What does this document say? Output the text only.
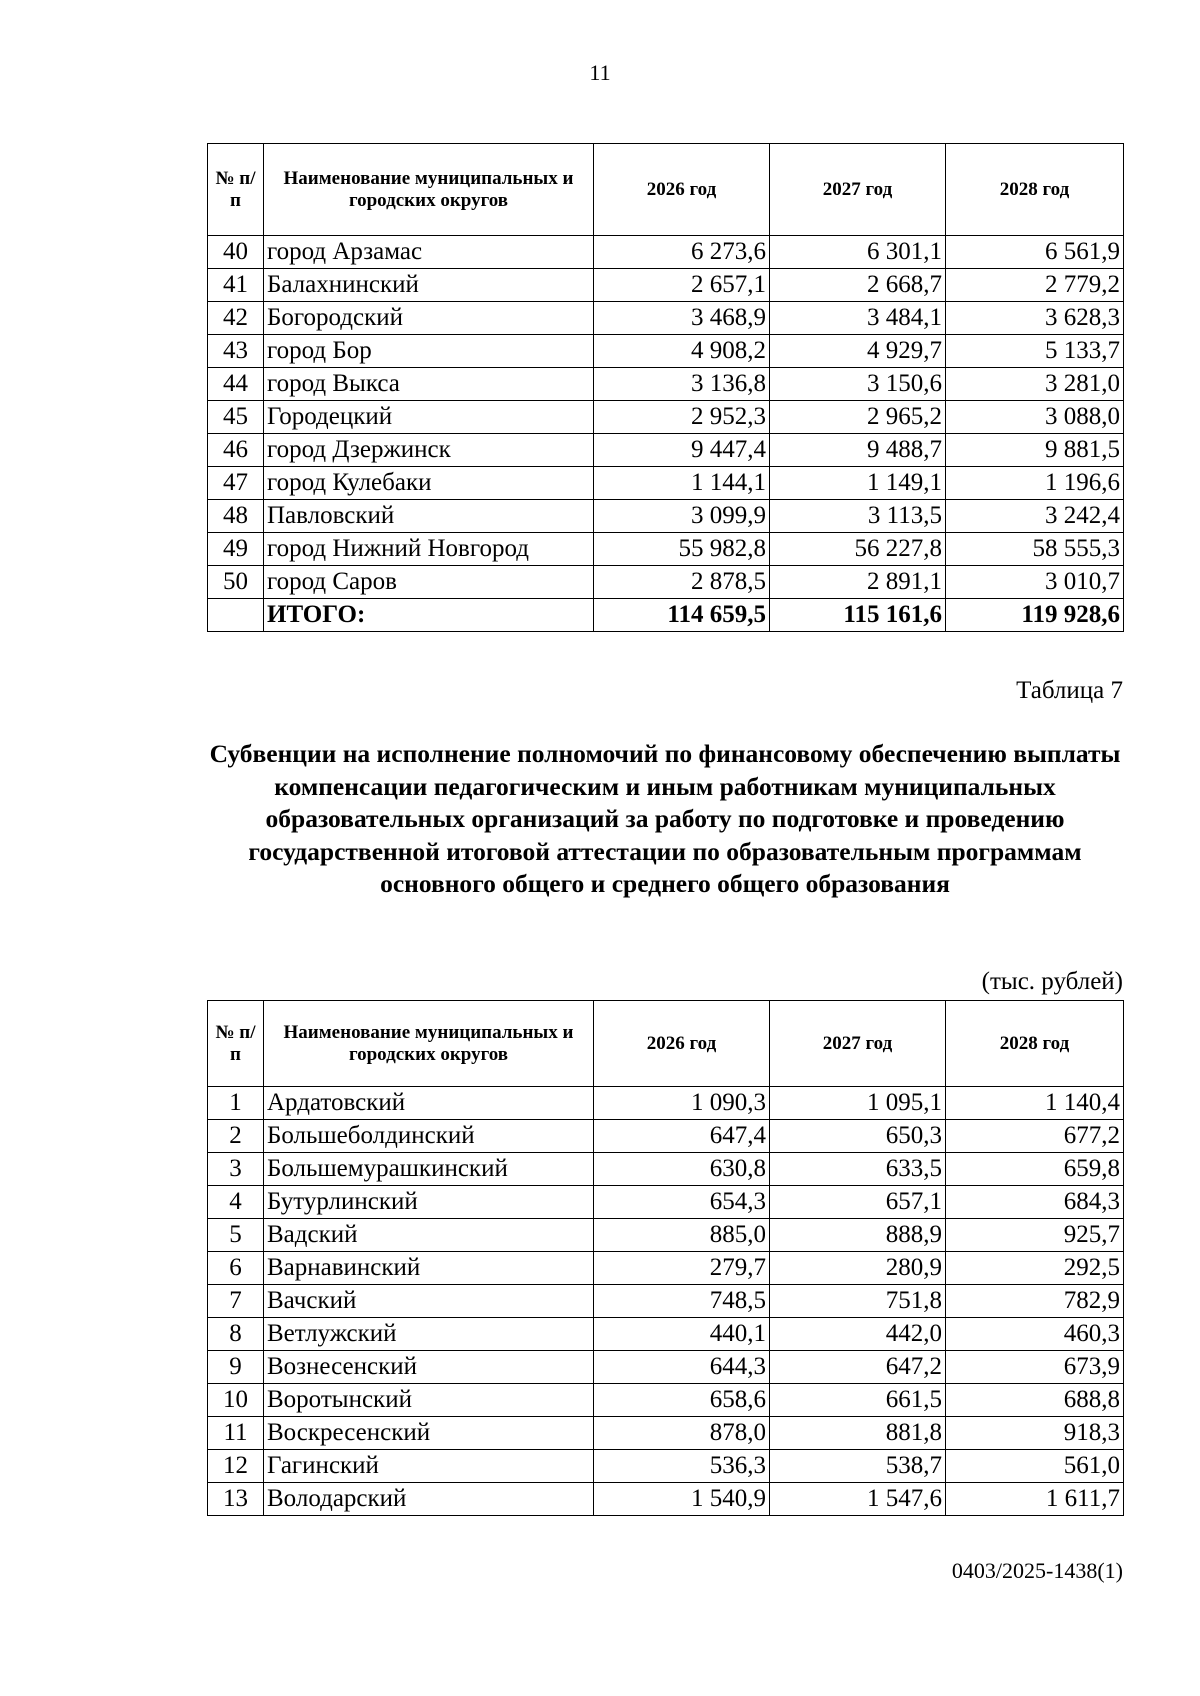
11
№ п/п	Наименование муниципальных и городских округов	2026 год	2027 год	2028 год
40	город Арзамас	6 273,6	6 301,1	6 561,9
41	Балахнинский	2 657,1	2 668,7	2 779,2
42	Богородский	3 468,9	3 484,1	3 628,3
43	город Бор	4 908,2	4 929,7	5 133,7
44	город Выкса	3 136,8	3 150,6	3 281,0
45	Городецкий	2 952,3	2 965,2	3 088,0
46	город Дзержинск	9 447,4	9 488,7	9 881,5
47	город Кулебаки	1 144,1	1 149,1	1 196,6
48	Павловский	3 099,9	3 113,5	3 242,4
49	город Нижний Новгород	55 982,8	56 227,8	58 555,3
50	город Саров	2 878,5	2 891,1	3 010,7
	ИТОГО:	114 659,5	115 161,6	119 928,6
Таблица 7
Субвенции на исполнение полномочий по финансовому обеспечению выплаты компенсации педагогическим и иным работникам муниципальных образовательных организаций за работу по подготовке и проведению государственной итоговой аттестации по образовательным программам основного общего и среднего общего образования
(тыс. рублей)
№ п/п	Наименование муниципальных и городских округов	2026 год	2027 год	2028 год
1	Ардатовский	1 090,3	1 095,1	1 140,4
2	Большеболдинский	647,4	650,3	677,2
3	Большемурашкинский	630,8	633,5	659,8
4	Бутурлинский	654,3	657,1	684,3
5	Вадский	885,0	888,9	925,7
6	Варнавинский	279,7	280,9	292,5
7	Вачский	748,5	751,8	782,9
8	Ветлужский	440,1	442,0	460,3
9	Вознесенский	644,3	647,2	673,9
10	Воротынский	658,6	661,5	688,8
11	Воскресенский	878,0	881,8	918,3
12	Гагинский	536,3	538,7	561,0
13	Володарский	1 540,9	1 547,6	1 611,7
0403/2025-1438(1)
